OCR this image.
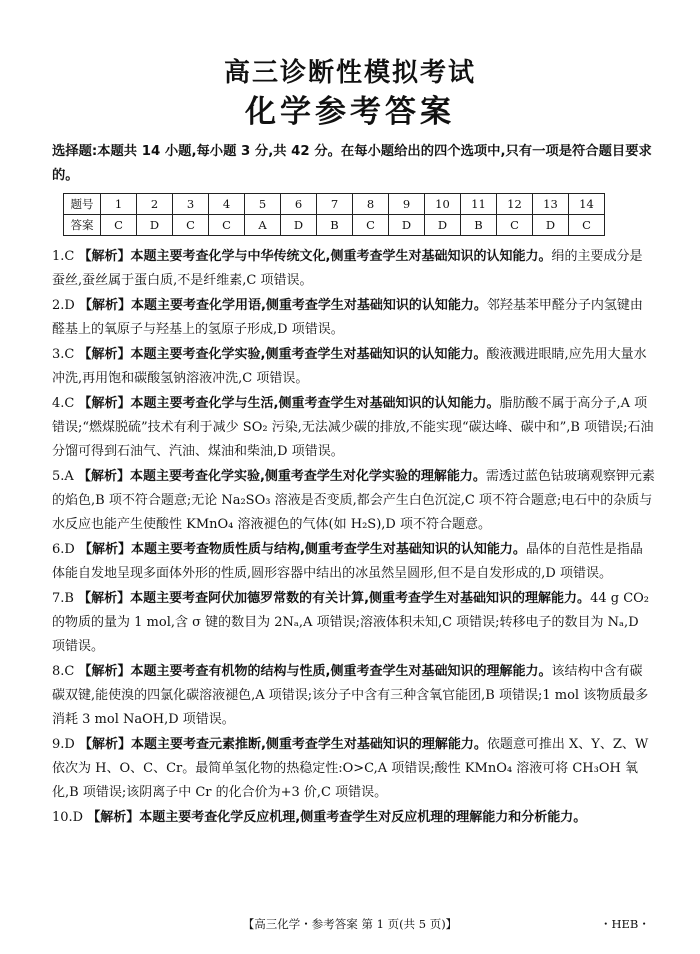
高三诊断性模拟考试
化学参考答案
选择题:本题共 14 小题,每小题 3 分,共 42 分。在每小题给出的四个选项中,只有一项是符合题目要求的。
题号	1	2	3	4	5	6	7	8	9	10	11	12	13	14
答案	C	D	C	C	A	D	B	C	D	D	B	C	D	C
1.C 【解析】本题主要考查化学与中华传统文化,侧重考查学生对基础知识的认知能力。绢的主要成分是蚕丝,蚕丝属于蛋白质,不是纤维素,C 项错误。
2.D 【解析】本题主要考查化学用语,侧重考查学生对基础知识的认知能力。邻羟基苯甲醛分子内氢键由醛基上的氧原子与羟基上的氢原子形成,D 项错误。
3.C 【解析】本题主要考查化学实验,侧重考查学生对基础知识的认知能力。酸液溅进眼睛,应先用大量水冲洗,再用饱和碳酸氢钠溶液冲洗,C 项错误。
4.C 【解析】本题主要考查化学与生活,侧重考查学生对基础知识的认知能力。脂肪酸不属于高分子,A 项错误;“燃煤脱硫”技术有利于减少 SO₂ 污染,无法减少碳的排放,不能实现“碳达峰、碳中和”,B 项错误;石油分馏可得到石油气、汽油、煤油和柴油,D 项错误。
5.A 【解析】本题主要考查化学实验,侧重考查学生对化学实验的理解能力。需透过蓝色钴玻璃观察钾元素的焰色,B 项不符合题意;无论 Na₂SO₃ 溶液是否变质,都会产生白色沉淀,C 项不符合题意;电石中的杂质与水反应也能产生使酸性 KMnO₄ 溶液褪色的气体(如 H₂S),D 项不符合题意。
6.D 【解析】本题主要考查物质性质与结构,侧重考查学生对基础知识的认知能力。晶体的自范性是指晶体能自发地呈现多面体外形的性质,圆形容器中结出的冰虽然呈圆形,但不是自发形成的,D 项错误。
7.B 【解析】本题主要考查阿伏加德罗常数的有关计算,侧重考查学生对基础知识的理解能力。44 g CO₂ 的物质的量为 1 mol,含 σ 键的数目为 2Nₐ,A 项错误;溶液体积未知,C 项错误;转移电子的数目为 Nₐ,D 项错误。
8.C 【解析】本题主要考查有机物的结构与性质,侧重考查学生对基础知识的理解能力。该结构中含有碳碳双键,能使溴的四氯化碳溶液褪色,A 项错误;该分子中含有三种含氧官能团,B 项错误;1 mol 该物质最多消耗 3 mol NaOH,D 项错误。
9.D 【解析】本题主要考查元素推断,侧重考查学生对基础知识的理解能力。依题意可推出 X、Y、Z、W 依次为 H、O、C、Cr。最简单氢化物的热稳定性:O>C,A 项错误;酸性 KMnO₄ 溶液可将 CH₃OH 氧化,B 项错误;该阴离子中 Cr 的化合价为+3 价,C 项错误。
10.D 【解析】本题主要考查化学反应机理,侧重考查学生对反应机理的理解能力和分析能力。
【高三化学・参考答案 第 1 页(共 5 页)】	・HEB・
